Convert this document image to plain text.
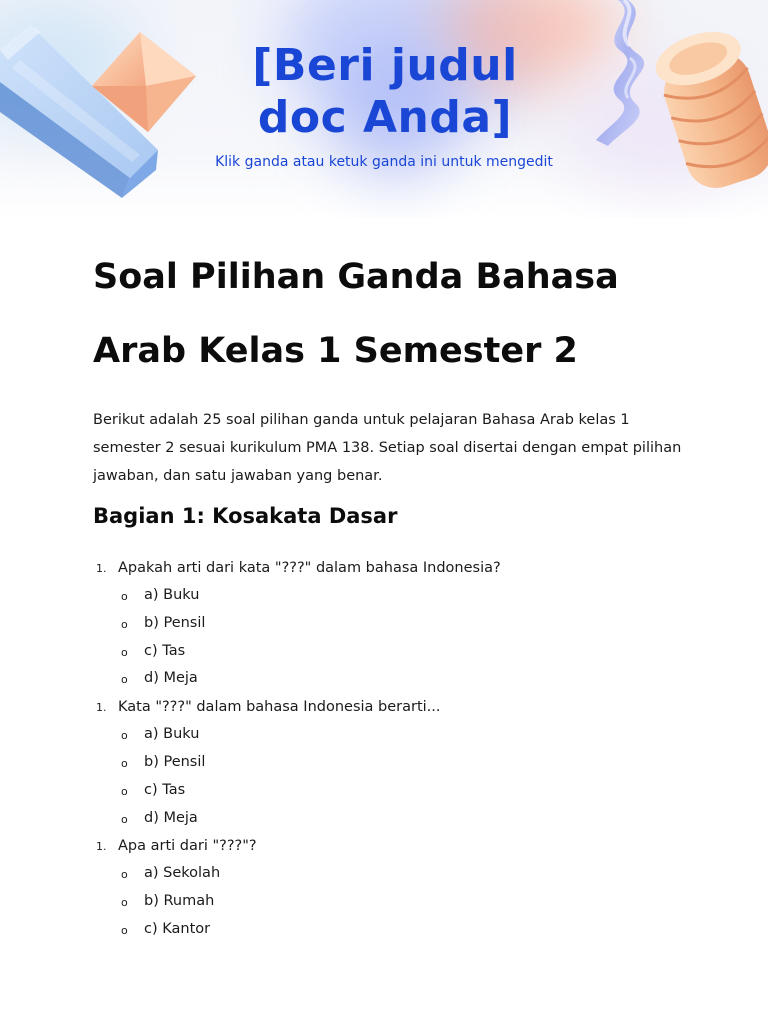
[Beri judul doc Anda]
Klik ganda atau ketuk ganda ini untuk mengedit
Soal Pilihan Ganda Bahasa Arab Kelas 1 Semester 2

Berikut adalah 25 soal pilihan ganda untuk pelajaran Bahasa Arab kelas 1 semester 2 sesuai kurikulum PMA 138. Setiap soal disertai dengan empat pilihan jawaban, dan satu jawaban yang benar.

Bagian 1: Kosakata Dasar
1. Apakah arti dari kata "???" dalam bahasa Indonesia?
o a) Buku
o b) Pensil
o c) Tas
o d) Meja
1. Kata "???" dalam bahasa Indonesia berarti...
o a) Buku
o b) Pensil
o c) Tas
o d) Meja
1. Apa arti dari "???"?
o a) Sekolah
o b) Rumah
o c) Kantor
